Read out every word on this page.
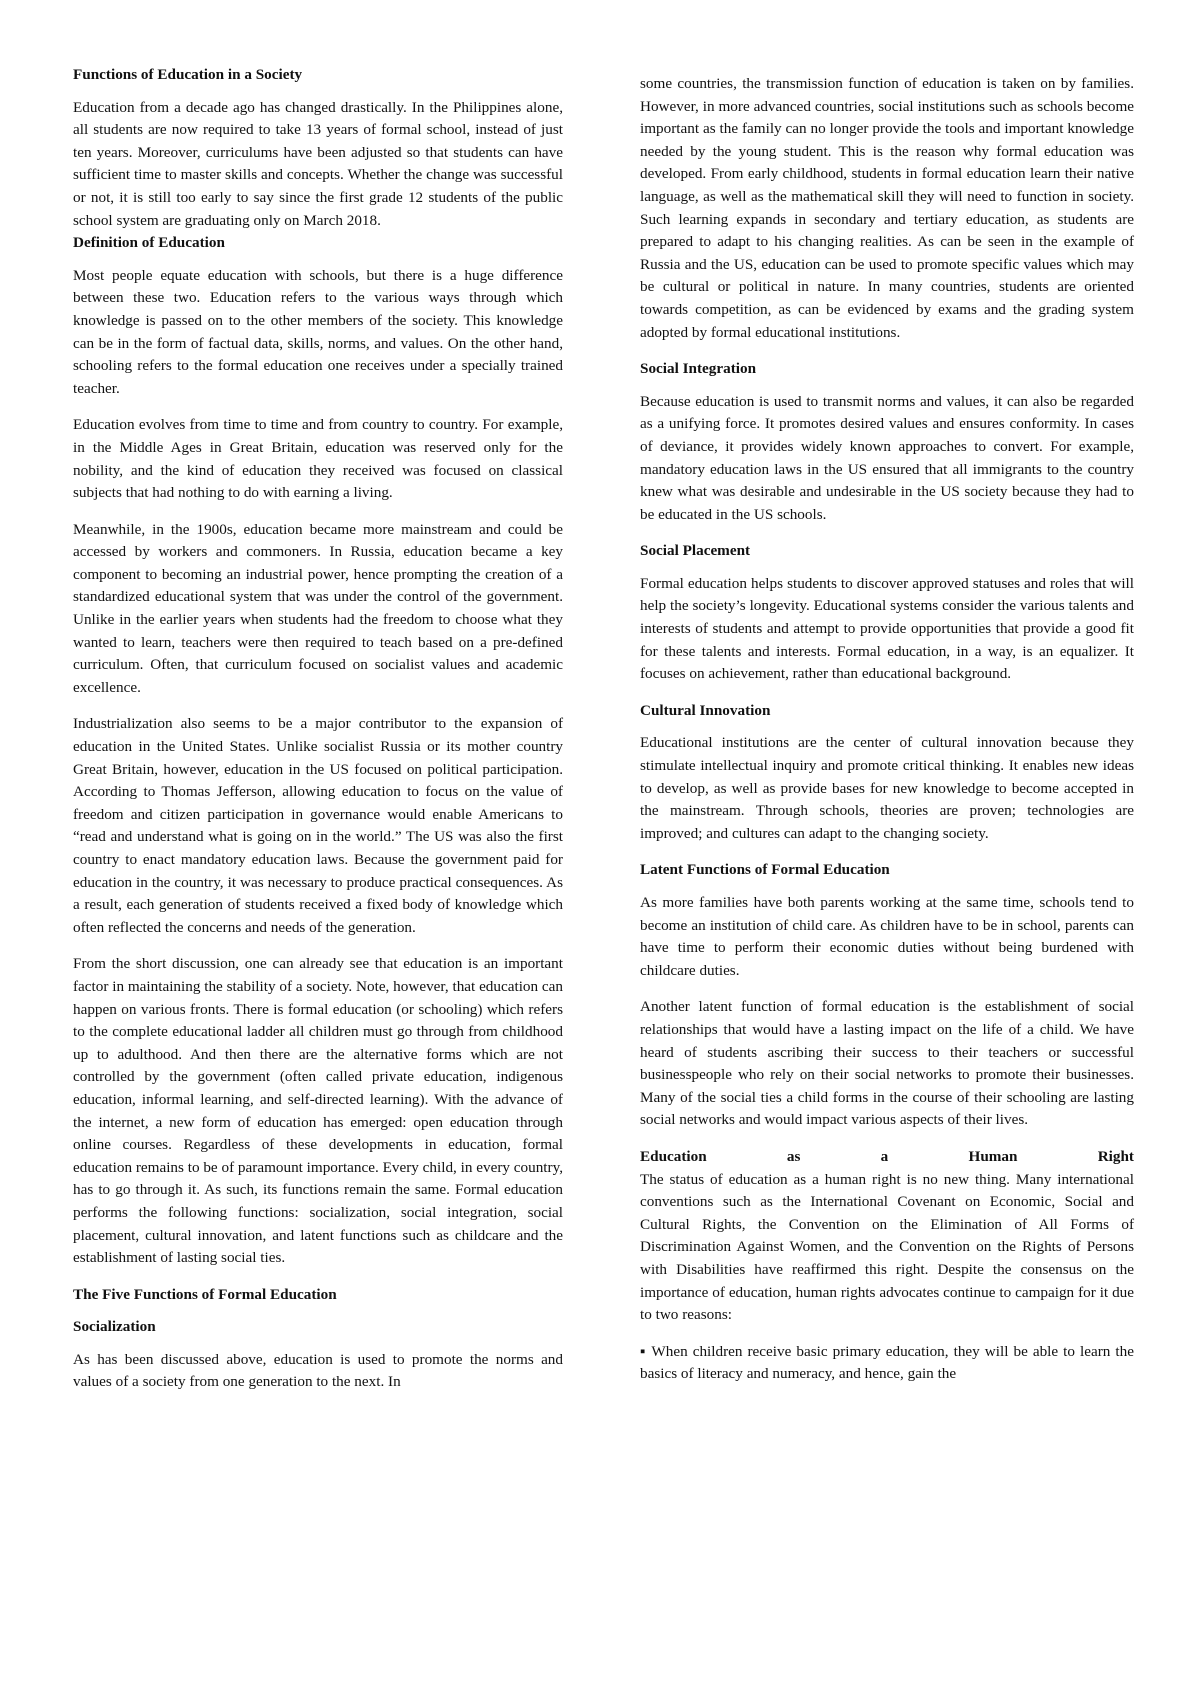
Functions of Education in a Society

Education from a decade ago has changed drastically. In the Philippines alone, all students are now required to take 13 years of formal school, instead of just ten years. Moreover, curriculums have been adjusted so that students can have sufficient time to master skills and concepts. Whether the change was successful or not, it is still too early to say since the first grade 12 students of the public school system are graduating only on March 2018.

Definition of Education

Most people equate education with schools, but there is a huge difference between these two. Education refers to the various ways through which knowledge is passed on to the other members of the society. This knowledge can be in the form of factual data, skills, norms, and values. On the other hand, schooling refers to the formal education one receives under a specially trained teacher.

Education evolves from time to time and from country to country. For example, in the Middle Ages in Great Britain, education was reserved only for the nobility, and the kind of education they received was focused on classical subjects that had nothing to do with earning a living.

Meanwhile, in the 1900s, education became more mainstream and could be accessed by workers and commoners. In Russia, education became a key component to becoming an industrial power, hence prompting the creation of a standardized educational system that was under the control of the government. Unlike in the earlier years when students had the freedom to choose what they wanted to learn, teachers were then required to teach based on a pre-defined curriculum. Often, that curriculum focused on socialist values and academic excellence.

Industrialization also seems to be a major contributor to the expansion of education in the United States. Unlike socialist Russia or its mother country Great Britain, however, education in the US focused on political participation. According to Thomas Jefferson, allowing education to focus on the value of freedom and citizen participation in governance would enable Americans to “read and understand what is going on in the world.” The US was also the first country to enact mandatory education laws. Because the government paid for education in the country, it was necessary to produce practical consequences. As a result, each generation of students received a fixed body of knowledge which often reflected the concerns and needs of the generation.

From the short discussion, one can already see that education is an important factor in maintaining the stability of a society. Note, however, that education can happen on various fronts. There is formal education (or schooling) which refers to the complete educational ladder all children must go through from childhood up to adulthood. And then there are the alternative forms which are not controlled by the government (often called private education, indigenous education, informal learning, and self-directed learning). With the advance of the internet, a new form of education has emerged: open education through online courses. Regardless of these developments in education, formal education remains to be of paramount importance. Every child, in every country, has to go through it. As such, its functions remain the same. Formal education performs the following functions: socialization, social integration, social placement, cultural innovation, and latent functions such as childcare and the establishment of lasting social ties.

The Five Functions of Formal Education
Socialization

As has been discussed above, education is used to promote the norms and values of a society from one generation to the next. In

some countries, the transmission function of education is taken on by families. However, in more advanced countries, social institutions such as schools become important as the family can no longer provide the tools and important knowledge needed by the young student. This is the reason why formal education was developed. From early childhood, students in formal education learn their native language, as well as the mathematical skill they will need to function in society. Such learning expands in secondary and tertiary education, as students are prepared to adapt to his changing realities. As can be seen in the example of Russia and the US, education can be used to promote specific values which may be cultural or political in nature. In many countries, students are oriented towards competition, as can be evidenced by exams and the grading system adopted by formal educational institutions.

Social Integration

Because education is used to transmit norms and values, it can also be regarded as a unifying force. It promotes desired values and ensures conformity. In cases of deviance, it provides widely known approaches to convert. For example, mandatory education laws in the US ensured that all immigrants to the country knew what was desirable and undesirable in the US society because they had to be educated in the US schools.

Social Placement

Formal education helps students to discover approved statuses and roles that will help the society’s longevity. Educational systems consider the various talents and interests of students and attempt to provide opportunities that provide a good fit for these talents and interests. Formal education, in a way, is an equalizer. It focuses on achievement, rather than educational background.

Cultural Innovation

Educational institutions are the center of cultural innovation because they stimulate intellectual inquiry and promote critical thinking. It enables new ideas to develop, as well as provide bases for new knowledge to become accepted in the mainstream. Through schools, theories are proven; technologies are improved; and cultures can adapt to the changing society.

Latent Functions of Formal Education

As more families have both parents working at the same time, schools tend to become an institution of child care. As children have to be in school, parents can have time to perform their economic duties without being burdened with childcare duties.

Another latent function of formal education is the establishment of social relationships that would have a lasting impact on the life of a child. We have heard of students ascribing their success to their teachers or successful businesspeople who rely on their social networks to promote their businesses. Many of the social ties a child forms in the course of their schooling are lasting social networks and would impact various aspects of their lives.

Education	as	a	Human	Right

The status of education as a human right is no new thing. Many international conventions such as the International Covenant on Economic, Social and Cultural Rights, the Convention on the Elimination of All Forms of Discrimination Against Women, and the Convention on the Rights of Persons with Disabilities have reaffirmed this right. Despite the consensus on the importance of education, human rights advocates continue to campaign for it due to two reasons:

▪ When children receive basic primary education, they will be able to learn the basics of literacy and numeracy, and hence, gain the
